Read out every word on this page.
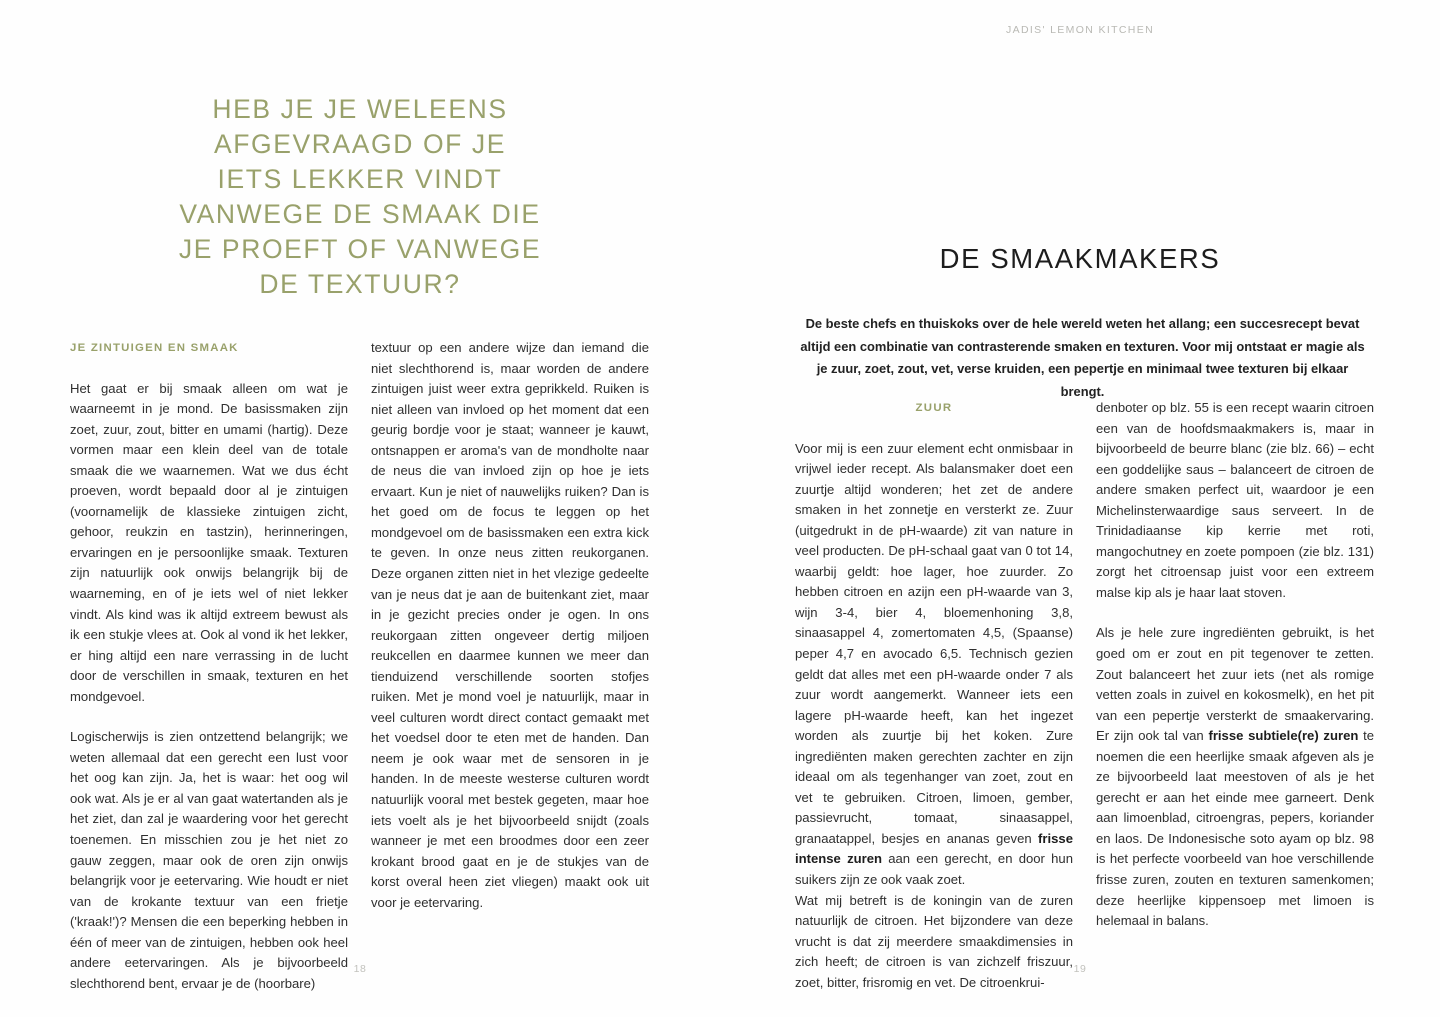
HEB JE JE WELEENS
AFGEVRAAGD OF JE
IETS LEKKER VINDT
VANWEGE DE SMAAK DIE
JE PROEFT OF VANWEGE
DE TEXTUUR?

JE ZINTUIGEN EN SMAAK

Het gaat er bij smaak alleen om wat je waarneemt in je mond. De basissmaken zijn zoet, zuur, zout, bitter en umami (hartig). Deze vormen maar een klein deel van de totale smaak die we waarnemen. Wat we dus écht proeven, wordt bepaald door al je zintuigen (voornamelijk de klassieke zintuigen zicht, gehoor, reukzin en tastzin), herinneringen, ervaringen en je persoonlijke smaak. Texturen zijn natuurlijk ook onwijs belangrijk bij de waarneming, en of je iets wel of niet lekker vindt. Als kind was ik altijd extreem bewust als ik een stukje vlees at. Ook al vond ik het lekker, er hing altijd een nare verrassing in de lucht door de verschillen in smaak, texturen en het mondgevoel.

Logischerwijs is zien ontzettend belangrijk; we weten allemaal dat een gerecht een lust voor het oog kan zijn. Ja, het is waar: het oog wil ook wat. Als je er al van gaat watertanden als je het ziet, dan zal je waardering voor het gerecht toenemen. En misschien zou je het niet zo gauw zeggen, maar ook de oren zijn onwijs belangrijk voor je eetervaring. Wie houdt er niet van de krokante textuur van een frietje ('kraak!')? Mensen die een beperking hebben in één of meer van de zintuigen, hebben ook heel andere eetervaringen. Als je bijvoorbeeld slechthorend bent, ervaar je de (hoorbare)

textuur op een andere wijze dan iemand die niet slechthorend is, maar worden de andere zintuigen juist weer extra geprikkeld. Ruiken is niet alleen van invloed op het moment dat een geurig bordje voor je staat; wanneer je kauwt, ontsnappen er aroma's van de mondholte naar de neus die van invloed zijn op hoe je iets ervaart. Kun je niet of nauwelijks ruiken? Dan is het goed om de focus te leggen op het mondgevoel om de basissmaken een extra kick te geven. In onze neus zitten reukorganen. Deze organen zitten niet in het vlezige gedeelte van je neus dat je aan de buitenkant ziet, maar in je gezicht precies onder je ogen. In ons reukorgaan zitten ongeveer dertig miljoen reukcellen en daarmee kunnen we meer dan tienduizend verschillende soorten stofjes ruiken. Met je mond voel je natuurlijk, maar in veel culturen wordt direct contact gemaakt met het voedsel door te eten met de handen. Dan neem je ook waar met de sensoren in je handen. In de meeste westerse culturen wordt natuurlijk vooral met bestek gegeten, maar hoe iets voelt als je het bijvoorbeeld snijdt (zoals wanneer je met een broodmes door een zeer krokant brood gaat en je de stukjes van de korst overal heen ziet vliegen) maakt ook uit voor je eetervaring.

18
JADIS' LEMON KITCHEN
DE SMAAKMAKERS
De beste chefs en thuiskoks over de hele wereld weten het allang; een succesrecept bevat altijd een combinatie van contrasterende smaken en texturen. Voor mij ontstaat er magie als je zuur, zoet, zout, vet, verse kruiden, een pepertje en minimaal twee texturen bij elkaar brengt.
19

ZUUR

Voor mij is een zuur element echt onmisbaar in vrijwel ieder recept. Als balansmaker doet een zuurtje altijd wonderen; het zet de andere smaken in het zonnetje en versterkt ze. Zuur (uitgedrukt in de pH-waarde) zit van nature in veel producten. De pH-schaal gaat van 0 tot 14, waarbij geldt: hoe lager, hoe zuurder. Zo hebben citroen en azijn een pH-waarde van 3, wijn 3-4, bier 4, bloemenhoning 3,8, sinaasappel 4, zomertomaten 4,5, (Spaanse) peper 4,7 en avocado 6,5. Technisch gezien geldt dat alles met een pH-waarde onder 7 als zuur wordt aangemerkt. Wanneer iets een lagere pH-waarde heeft, kan het ingezet worden als zuurtje bij het koken. Zure ingrediënten maken gerechten zachter en zijn ideaal om als tegenhanger van zoet, zout en vet te gebruiken. Citroen, limoen, gember, passievrucht, tomaat, sinaasappel, granaatappel, besjes en ananas geven frisse intense zuren aan een gerecht, en door hun suikers zijn ze ook vaak zoet.

Wat mij betreft is de koningin van de zuren natuurlijk de citroen. Het bijzondere van deze vrucht is dat zij meerdere smaakdimensies in zich heeft; de citroen is van zichzelf friszuur, zoet, bitter, frisromig en vet. De citroenkrui-

denboter op blz. 55 is een recept waarin citroen een van de hoofdsmaakmakers is, maar in bijvoorbeeld de beurre blanc (zie blz. 66) – echt een goddelijke saus – balanceert de citroen de andere smaken perfect uit, waardoor je een Michelinsterwaardige saus serveert. In de Trinidadiaanse kip kerrie met roti, mangochutney en zoete pompoen (zie blz. 131) zorgt het citroensap juist voor een extreem malse kip als je haar laat stoven.

Als je hele zure ingrediënten gebruikt, is het goed om er zout en pit tegenover te zetten. Zout balanceert het zuur iets (net als romige vetten zoals in zuivel en kokosmelk), en het pit van een pepertje versterkt de smaakervaring. Er zijn ook tal van frisse subtiele(re) zuren te noemen die een heerlijke smaak afgeven als je ze bijvoorbeeld laat meestoven of als je het gerecht er aan het einde mee garneert. Denk aan limoenblad, citroengras, pepers, koriander en laos. De Indonesische soto ayam op blz. 98 is het perfecte voorbeeld van hoe verschillende frisse zuren, zouten en texturen samenkomen; deze heerlijke kippensoep met limoen is helemaal in balans.
